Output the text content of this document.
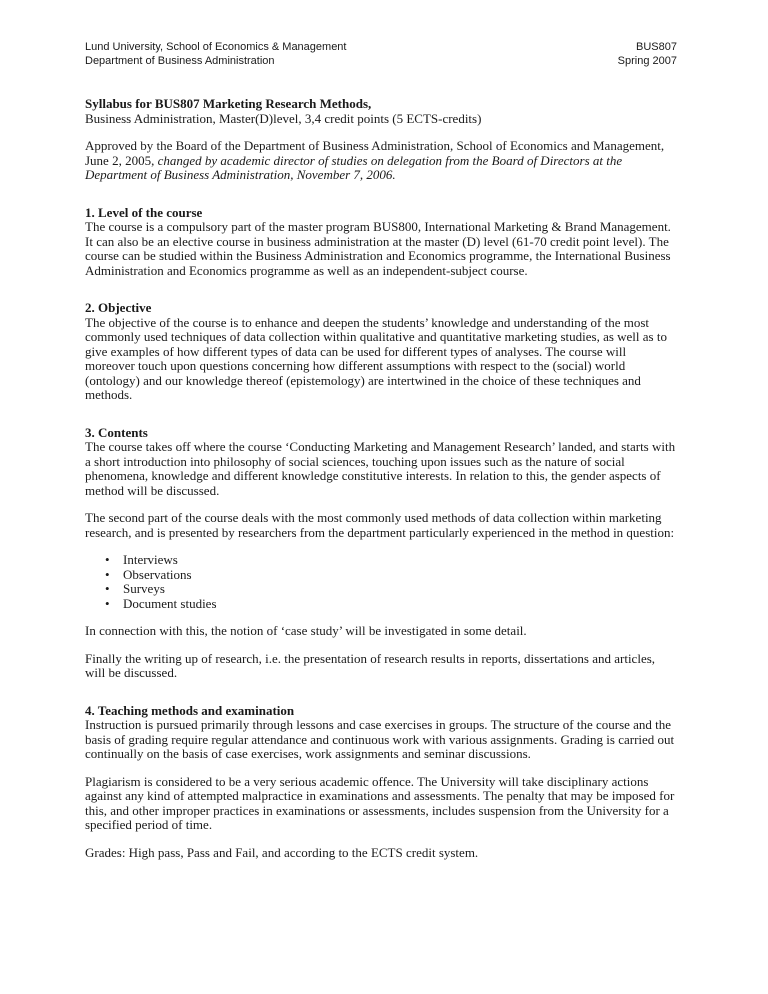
Lund University, School of Economics & Management
Department of Business Administration
BUS807
Spring 2007
Syllabus for BUS807 Marketing Research Methods,
Business Administration, Master(D)level, 3,4 credit points (5 ECTS-credits)

Approved by the Board of the Department of Business Administration, School of Economics and Management, June 2, 2005, changed by academic director of studies on delegation from the Board of Directors at the Department of Business Administration, November 7, 2006.

1. Level of the course

The course is a compulsory part of the master program BUS800, International Marketing & Brand Management. It can also be an elective course in business administration at the master (D) level (61-70 credit point level). The course can be studied within the Business Administration and Economics programme, the International Business Administration and Economics programme as well as an independent-subject course.

2. Objective

The objective of the course is to enhance and deepen the students’ knowledge and understanding of the most commonly used techniques of data collection within qualitative and quantitative marketing studies, as well as to give examples of how different types of data can be used for different types of analyses. The course will moreover touch upon questions concerning how different assumptions with respect to the (social) world (ontology) and our knowledge thereof (epistemology) are intertwined in the choice of these techniques and methods.

3. Contents

The course takes off where the course ‘Conducting Marketing and Management Research’ landed, and starts with a short introduction into philosophy of social sciences, touching upon issues such as the nature of social phenomena, knowledge and different knowledge constitutive interests. In relation to this, the gender aspects of method will be discussed.

The second part of the course deals with the most commonly used methods of data collection within marketing research, and is presented by researchers from the department particularly experienced in the method in question:

•	Interviews
•	Observations
•	Surveys
•	Document studies

In connection with this, the notion of ‘case study’ will be investigated in some detail.

Finally the writing up of research, i.e. the presentation of research results in reports, dissertations and articles, will be discussed.

4. Teaching methods and examination

Instruction is pursued primarily through lessons and case exercises in groups. The structure of the course and the basis of grading require regular attendance and continuous work with various assignments. Grading is carried out continually on the basis of case exercises, work assignments and seminar discussions.

Plagiarism is considered to be a very serious academic offence. The University will take disciplinary actions against any kind of attempted malpractice in examinations and assessments. The penalty that may be imposed for this, and other improper practices in examinations or assessments, includes suspension from the University for a specified period of time.

Grades: High pass, Pass and Fail, and according to the ECTS credit system.
